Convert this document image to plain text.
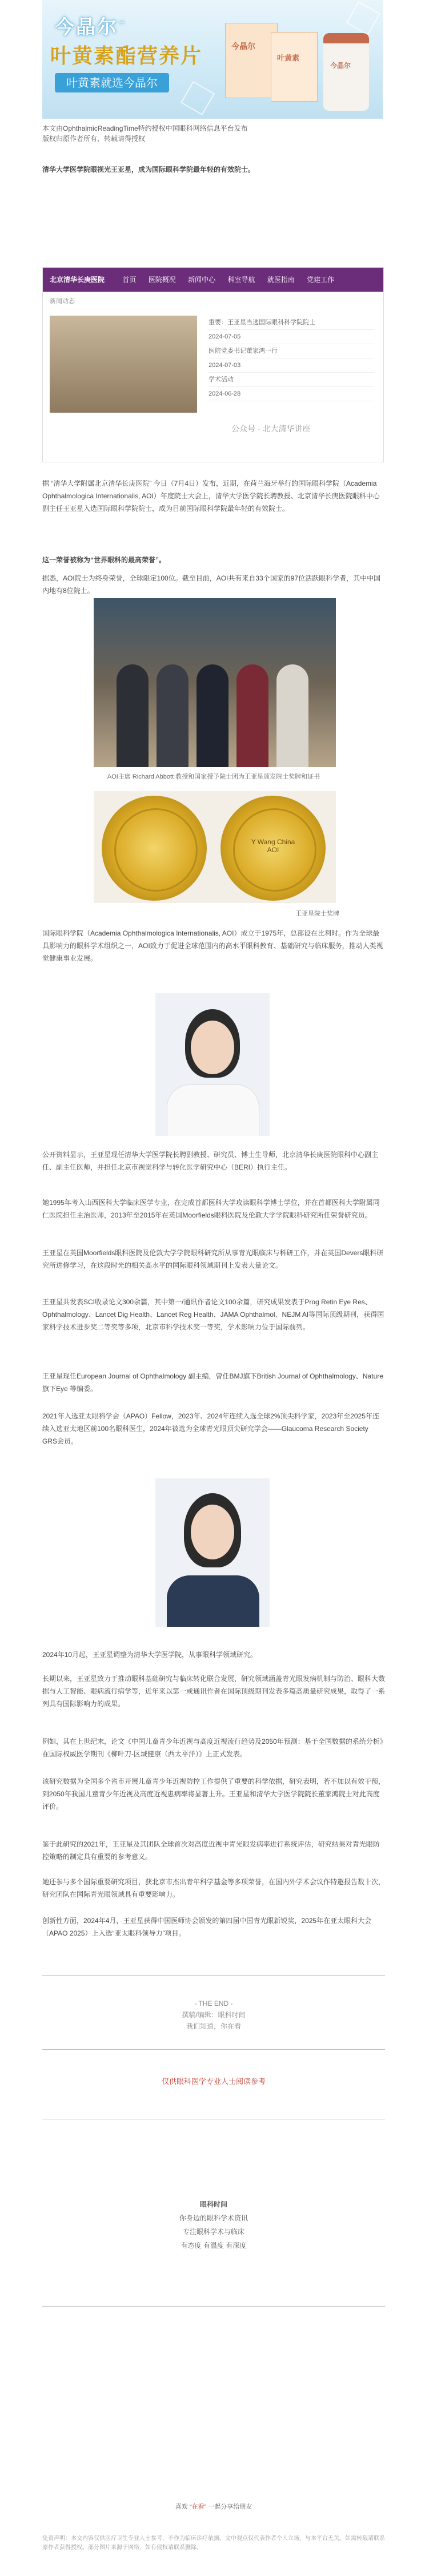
今晶尔™
叶黄素酯营养片
叶黄素就选今晶尔
今晶尔
叶黄素
今晶尔
本文由OphthalmicReadingTime特约授权中国眼科网络信息平台发布
版权归原作者所有，转载请得授权

清华大学医学院眼视光王亚星，成为国际眼科学院最年轻的有效院士。

北京清华长庚医院	首页 医院概况 新闻中心 科室导航 就医指南 党建工作
新闻动态
重要：王亚星当选国际眼科科学院院士
2024-07-05
医院党委书记董家鸿一行
2024-07-03
学术活动
2024-06-28
公众号 · 北大清华讲座

据 “清华大学附属北京清华长庚医院” 今日（7月4日）发布，近期，在荷兰海牙举行的国际眼科学院（Academia Ophthalmologica Internationalis, AOI）年度院士大会上，清华大学医学院长聘教授、北京清华长庚医院眼科中心副主任王亚星入选国际眼科学院院士，成为目前国际眼科学院最年轻的有效院士。

这一荣誉被称为“世界眼科的最高荣誉”。

据悉，AOI院士为终身荣誉，全球限定100位。截至目前，AOI共有来自33个国家的97位活跃眼科学者，其中中国内地有8位院士。

AOI主席 Richard Abbott 教授和国家授予院士团为王亚星颁发院士奖牌和证书
Y Wang China AOI
王亚星院士奖牌

国际眼科学院（Academia Ophthalmologica Internationalis, AOI）成立于1975年，总部设在比利时。作为全球最具影响力的眼科学术组织之一，AOI致力于促进全球范围内的高水平眼科教育、基础研究与临床服务，推动人类视觉健康事业发展。

公开资料显示，王亚星现任清华大学医学院长聘副教授、研究员、博士生导师，北京清华长庚医院眼科中心副主任、副主任医师，并担任北京市视觉科学与转化医学研究中心（BERI）执行主任。

她1995年考入山西医科大学临床医学专业，在完成首都医科大学攻读眼科学博士学位，并在首都医科大学附属同仁医院担任主治医师，2013年至2015年在英国Moorfields眼科医院及伦敦大学学院眼科研究所任荣誉研究员。

王亚星在英国Moorfields眼科医院及伦敦大学学院眼科研究所从事青光眼临床与科研工作，并在英国Devers眼科研究所进修学习，在这段时光的相关高水平的国际眼科领域期刊上发表大量论文。

王亚星共发表SCI收录论文300余篇，其中第一/通讯作者论文100余篇，研究成果发表于Prog Retin Eye Res、Ophthalmology、Lancet Dig Health、Lancet Reg Health、JAMA Ophthalmol、NEJM AI等国际顶级期刊，获得国家科学技术进步奖二等奖等多项，北京市科学技术奖一等奖，学术影响力位于国际前列。

王亚星现任European Journal of Ophthalmology 副主编，曾任BMJ旗下British Journal of Ophthalmology、Nature旗下Eye 等编委。

2021年入选亚太眼科学会（APAO）Fellow，2023年、2024年连续入选全球2%顶尖科学家，2023年至2025年连续入选亚太地区前100名眼科医生，2024年被选为全球青光眼顶尖研究学会——Glaucoma Research Society GRS会员。

2024年10月起，王亚星调整为清华大学医学院，从事眼科学领域研究。

长期以来，王亚星致力于推动眼科基础研究与临床转化联合发展，研究领域涵盖青光眼发病机制与防治、眼科大数据与人工智能、眼病流行病学等，近年来以第一或通讯作者在国际顶级期刊发表多篇高质量研究成果，取得了一系列具有国际影响力的成果。

例如，其在上世纪末，论文《中国儿童青少年近视与高度近视流行趋势及2050年预测：基于全国数据的系统分析》在国际权威医学期刊《柳叶刀-区域健康（西太平洋）》上正式发表。

该研究数据为全国多个省市开展儿童青少年近视防控工作提供了重要的科学依据，研究表明，若不加以有效干预，到2050年我国儿童青少年近视及高度近视患病率将显著上升。王亚星和清华大学医学院院长董家鸿院士对此高度评价。

鉴于此研究的2021年，王亚星及其团队全球首次对高度近视中青光眼发病率进行系统评估，研究结果对青光眼防控策略的制定具有重要的参考意义。

她还参与多个国际重要研究项目，获北京市杰出青年科学基金等多项荣誉，在国内外学术会议作特邀报告数十次，研究团队在国际青光眼领域具有重要影响力。

创新性方面，2024年4月，王亚星获得中国医师协会颁发的第四届中国青光眼新锐奖，2025年在亚太眼科大会（APAO 2025）上入选“亚太眼科领导力”项目。

- THE END -
撰稿/编辑：眼科时间
我们知道，你在看
仅供眼科医学专业人士阅读参考
眼科时间
你身边的眼科学术资讯
专注眼科学术与临床
有态度 有温度 有深度
喜欢 “在看” 一起分享给朋友
免责声明：本文内容仅供医疗卫生专业人士参考，不作为临床诊疗依据。文中观点仅代表作者个人立场，与本平台无关。如需转载请联系原作者获得授权。部分图片来源于网络，如有侵权请联系删除。
